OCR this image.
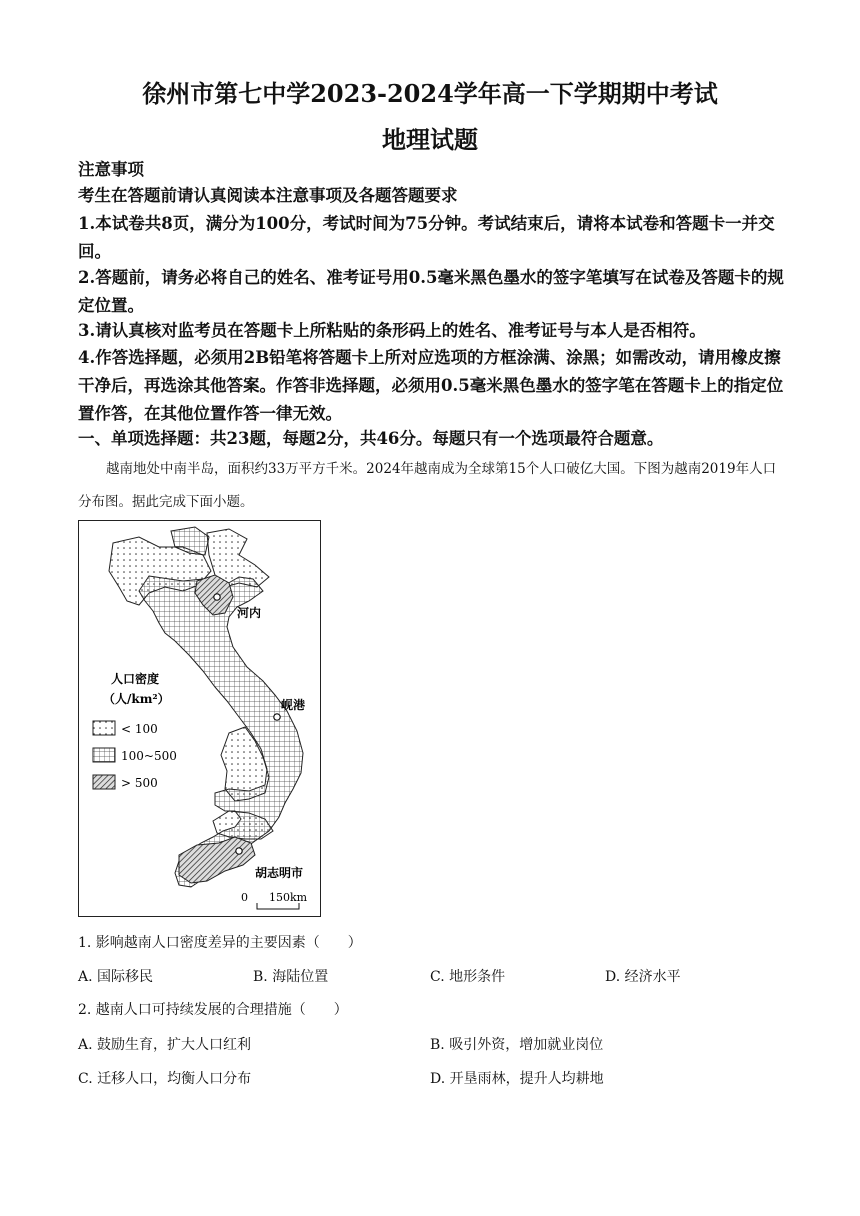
徐州市第七中学2023-2024学年高一下学期期中考试
地理试题

注意事项

考生在答题前请认真阅读本注意事项及各题答题要求

1.本试卷共8页，满分为100分，考试时间为75分钟。考试结束后，请将本试卷和答题卡一并交回。

2.答题前，请务必将自己的姓名、准考证号用0.5毫米黑色墨水的签字笔填写在试卷及答题卡的规定位置。

3.请认真核对监考员在答题卡上所粘贴的条形码上的姓名、准考证号与本人是否相符。

4.作答选择题，必须用2B铅笔将答题卡上所对应选项的方框涂满、涂黑；如需改动，请用橡皮擦干净后，再选涂其他答案。作答非选择题，必须用0.5毫米黑色墨水的签字笔在答题卡上的指定位置作答，在其他位置作答一律无效。

一、单项选择题：共23题，每题2分，共46分。每题只有一个选项最符合题意。

越南地处中南半岛，面积约33万平方千米。2024年越南成为全球第15个人口破亿大国。下图为越南2019年人口分布图。据此完成下面小题。

河内
岘港
胡志明市
人口密度
（人/km²）
< 100
100~500
> 500
0 150km
1. 影响越南人口密度差异的主要因素（　　）
A. 国际移民	B. 海陆位置	C. 地形条件	D. 经济水平
2. 越南人口可持续发展的合理措施（　　）
A. 鼓励生育，扩大人口红利	B. 吸引外资，增加就业岗位
C. 迁移人口，均衡人口分布	D. 开垦雨林，提升人均耕地
